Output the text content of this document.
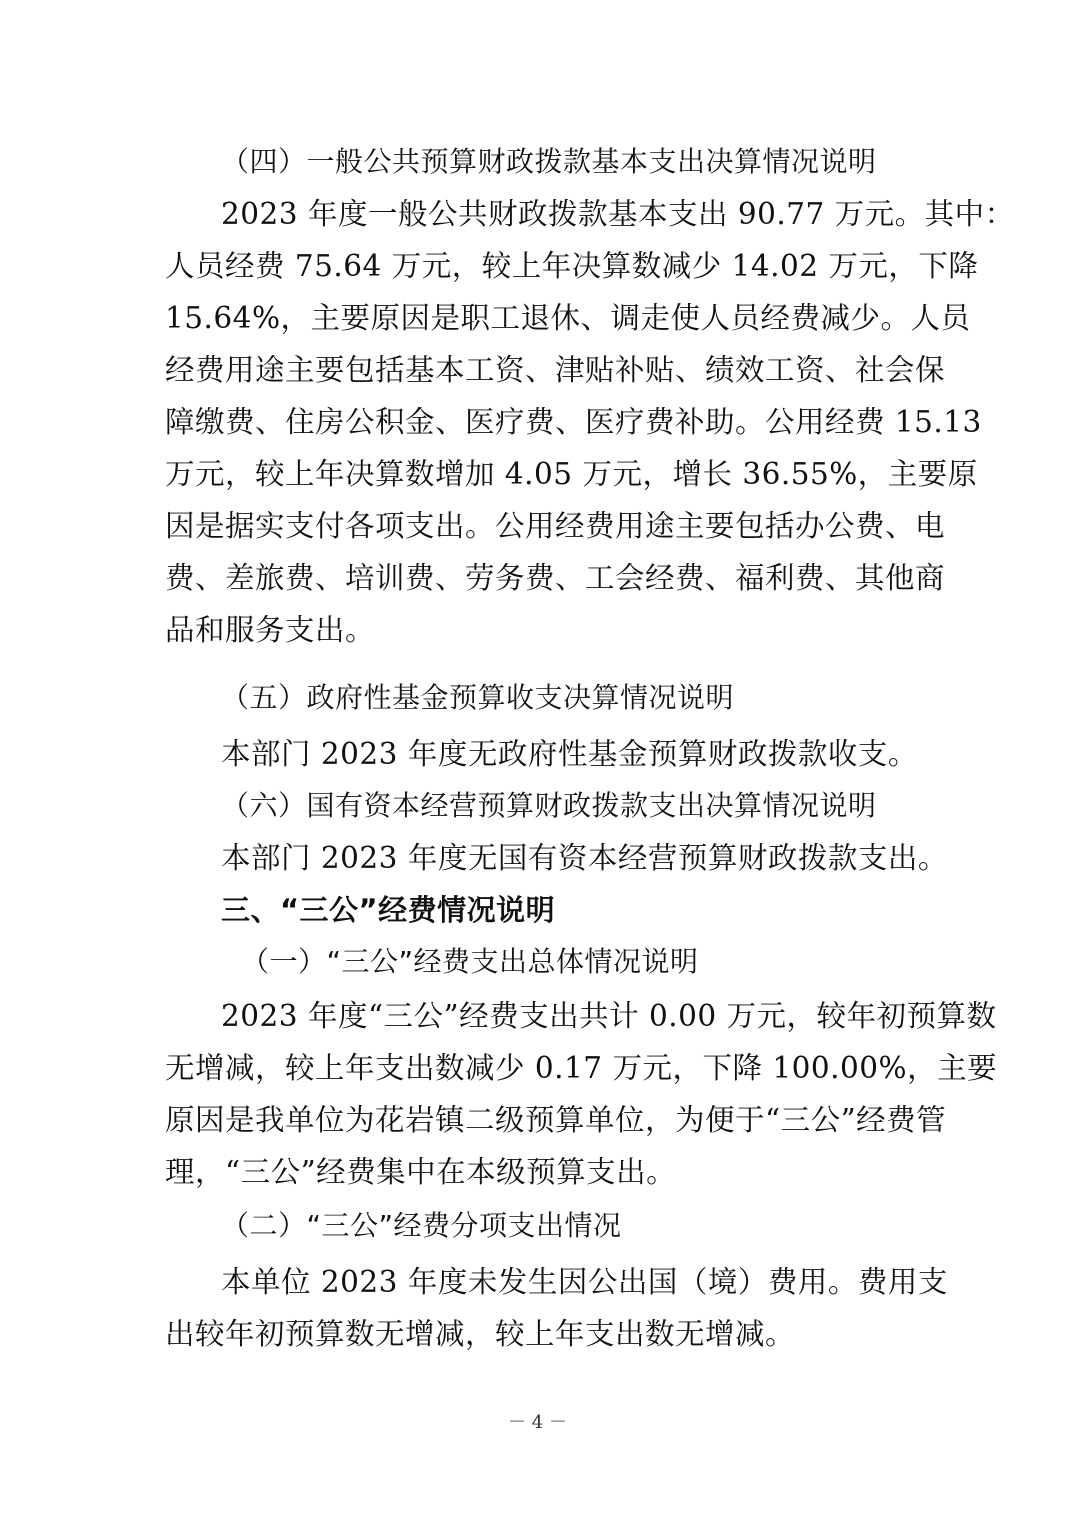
（四）一般公共预算财政拨款基本支出决算情况说明
2023 年度一般公共财政拨款基本支出 90.77 万元。其中：
人员经费 75.64 万元，较上年决算数减少 14.02 万元，下降
15.64%，主要原因是职工退休、调走使人员经费减少。人员
经费用途主要包括基本工资、津贴补贴、绩效工资、社会保
障缴费、住房公积金、医疗费、医疗费补助。公用经费 15.13
万元，较上年决算数增加 4.05 万元，增长 36.55%，主要原
因是据实支付各项支出。公用经费用途主要包括办公费、电
费、差旅费、培训费、劳务费、工会经费、福利费、其他商
品和服务支出。
（五）政府性基金预算收支决算情况说明
本部门 2023 年度无政府性基金预算财政拨款收支。
（六）国有资本经营预算财政拨款支出决算情况说明
本部门 2023 年度无国有资本经营预算财政拨款支出。
三、“三公”经费情况说明
（一）“三公”经费支出总体情况说明
2023 年度“三公”经费支出共计 0.00 万元，较年初预算数
无增减，较上年支出数减少 0.17 万元，下降 100.00%，主要
原因是我单位为花岩镇二级预算单位，为便于“三公”经费管
理，“三公”经费集中在本级预算支出。
（二）“三公”经费分项支出情况
本单位 2023 年度未发生因公出国（境）费用。费用支
出较年初预算数无增减，较上年支出数无增减。
－ 4 －
